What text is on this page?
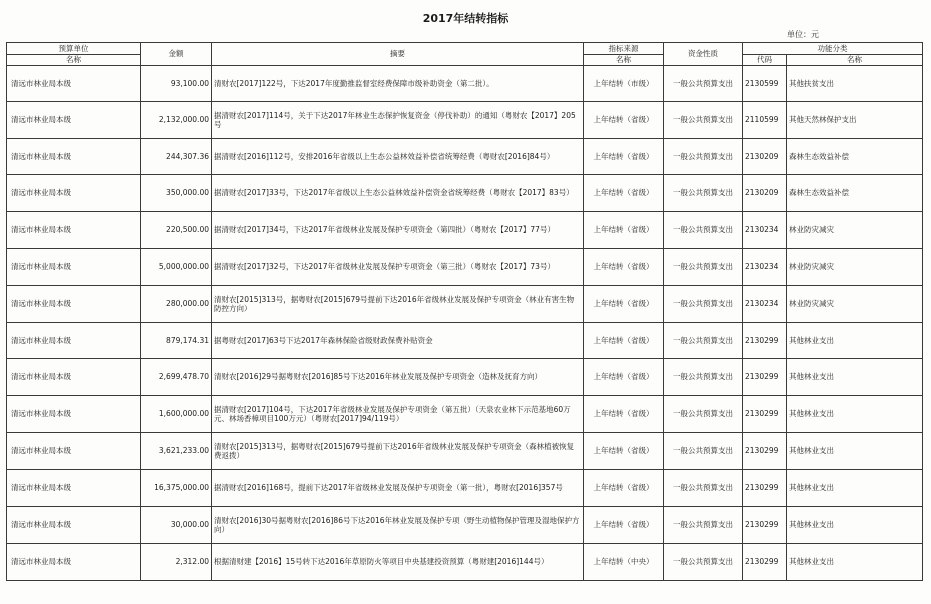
2017年结转指标
单位：元
预算单位	金额	摘要	指标来源	资金性质	功能分类	
名称			名称		代码	名称
清远市林业局本级	93,100.00	清财农[2017]122号，下达2017年度勤推监督室经费保障市级补助资金（第二批）。	上年结转（市级）	一般公共预算支出	2130599	其他扶贫支出
清远市林业局本级	2,132,000.00	据清财农[2017]114号，关于下达2017年林业生态保护恢复资金（停伐补助）的通知（粤财农【2017】205号	上年结转（省级）	一般公共预算支出	2110599	其他天然林保护支出
清远市林业局本级	244,307.36	据清财农[2016]112号，安排2016年省级以上生态公益林效益补偿省统筹经费（粤财农[2016]84号）	上年结转（省级）	一般公共预算支出	2130209	森林生态效益补偿
清远市林业局本级	350,000.00	据清财农[2017]33号，下达2017年省级以上生态公益林效益补偿资金省统筹经费（粤财农【2017】83号）	上年结转（省级）	一般公共预算支出	2130209	森林生态效益补偿
清远市林业局本级	220,500.00	据清财农[2017]34号，下达2017年省级林业发展及保护专项资金（第四批）（粤财农【2017】77号）	上年结转（省级）	一般公共预算支出	2130234	林业防灾减灾
清远市林业局本级	5,000,000.00	据清财农[2017]32号，下达2017年省级林业发展及保护专项资金（第三批）（粤财农【2017】73号）	上年结转（省级）	一般公共预算支出	2130234	林业防灾减灾
清远市林业局本级	280,000.00	清财农[2015]313号，据粤财农[2015]679号提前下达2016年省级林业发展及保护专项资金（林业有害生物防控方向）	上年结转（省级）	一般公共预算支出	2130234	林业防灾减灾
清远市林业局本级	879,174.31	据粤财农[2017]63号下达2017年森林保险省级财政保费补贴资金	上年结转（省级）	一般公共预算支出	2130299	其他林业支出
清远市林业局本级	2,699,478.70	清财农[2016]29号据粤财农[2016]85号下达2016年林业发展及保护专项资金（造林及抚育方向）	上年结转（省级）	一般公共预算支出	2130299	其他林业支出
清远市林业局本级	1,600,000.00	据清财农[2017]104号，下达2017年省级林业发展及保护专项资金（第五批）（天泉农业林下示范基地60万元、林场香樟项目100万元）（粤财农[2017]94/119号）	上年结转（省级）	一般公共预算支出	2130299	其他林业支出
清远市林业局本级	3,621,233.00	清财农[2015]313号，据粤财农[2015]679号提前下达2016年省级林业发展及保护专项资金（森林植被恢复费返拨）	上年结转（省级）	一般公共预算支出	2130299	其他林业支出
清远市林业局本级	16,375,000.00	据清财农[2016]168号，提前下达2017年省级林业发展及保护专项资金（第一批），粤财农[2016]357号	上年结转（省级）	一般公共预算支出	2130299	其他林业支出
清远市林业局本级	30,000.00	清财农[2016]30号据粤财农[2016]86号下达2016年林业发展及保护专项（野生动植物保护管理及湿地保护方向）	上年结转（省级）	一般公共预算支出	2130299	其他林业支出
清远市林业局本级	2,312.00	根据清财建【2016】15号转下达2016年草原防火等项目中央基建投资预算（粤财建[2016]144号）	上年结转（中央）	一般公共预算支出	2130299	其他林业支出
